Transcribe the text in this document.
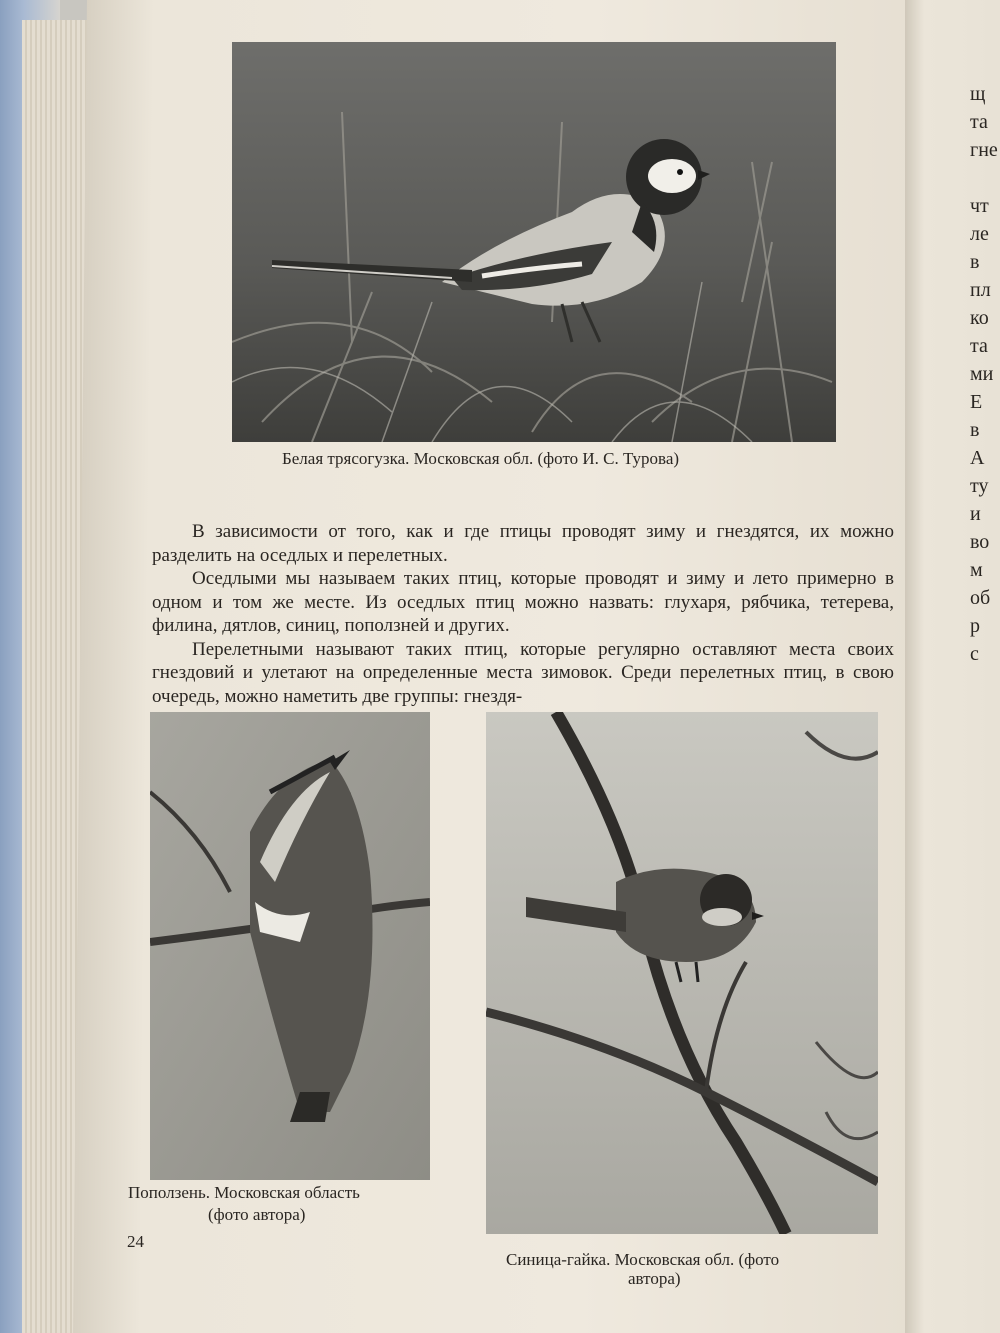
щ
та
гне

чт
ле
в
пл
ко
та
ми
Е
в
А
ту
и
во
м
об
р
с
Белая трясогузка. Московская обл. (фото И. С. Турова)

В зависимости от того, как и где птицы проводят зиму и гнездятся, их можно разделить на оседлых и перелетных.

Оседлыми мы называем таких птиц, которые проводят и зиму и лето примерно в одном и том же месте. Из оседлых птиц можно назвать: глухаря, рябчика, тетерева, филина, дятлов, синиц, поползней и других.

Перелетными называют таких птиц, которые регулярно оставляют места своих гнездовий и улетают на определенные места зимовок. Среди перелетных птиц, в свою очередь, можно наметить две группы: гнездя-

Поползень. Московская область
(фото автора)
Синица-гайка. Московская обл. (фото
автора)
24
